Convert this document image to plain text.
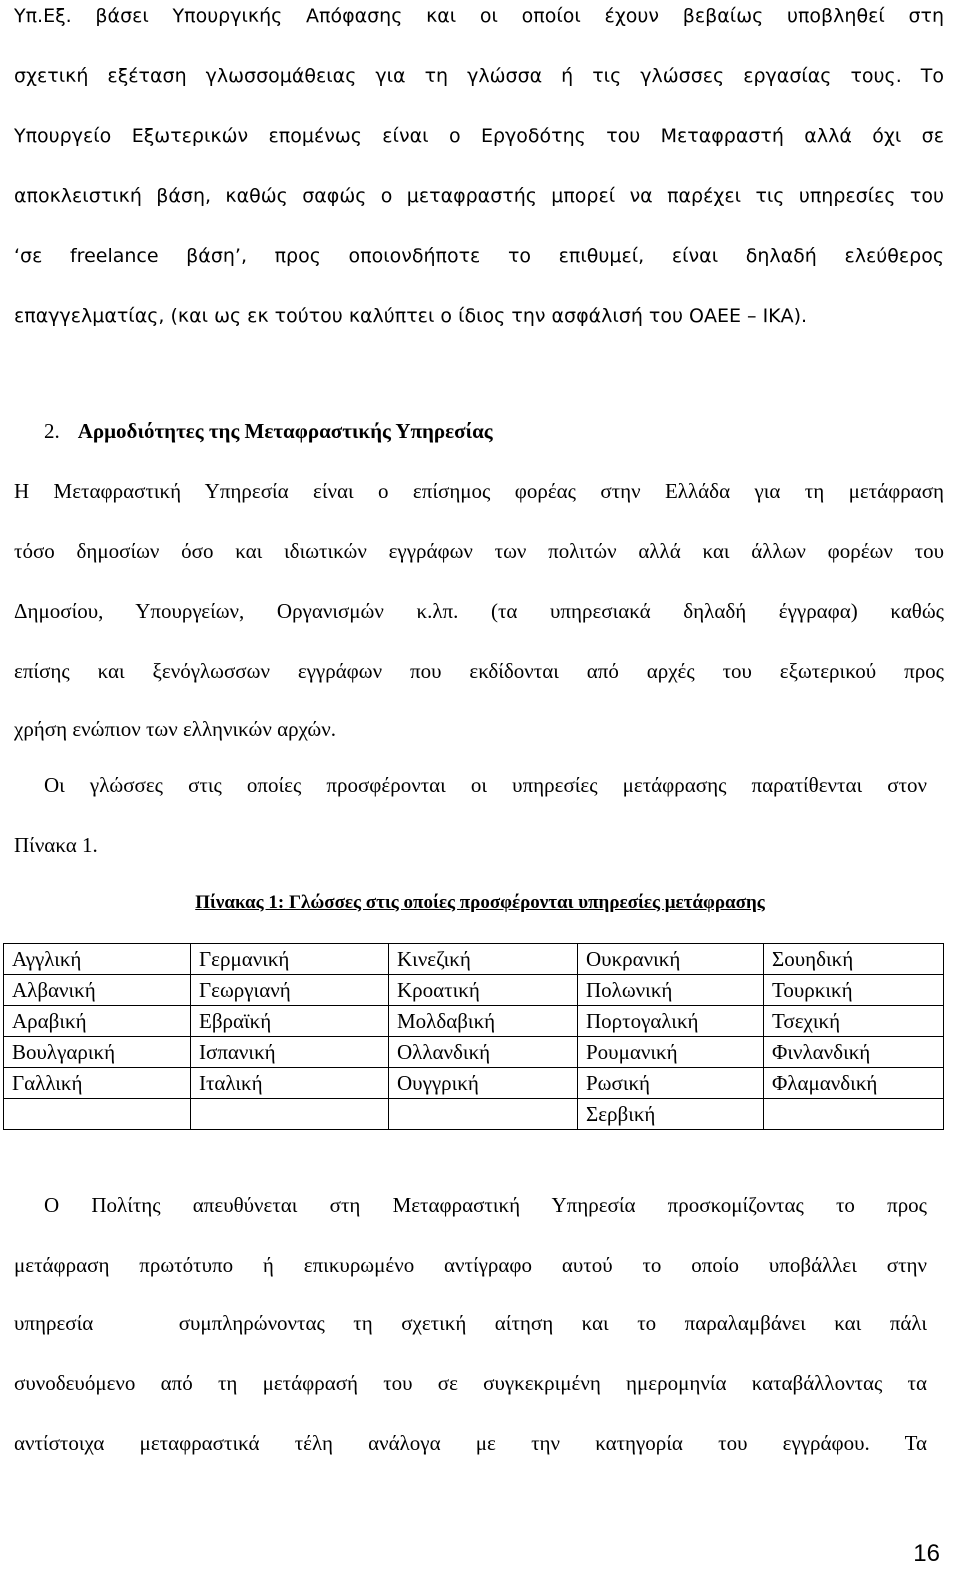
Υπ.Εξ. βάσει Υπουργικής Απόφασης και οι οποίοι έχουν βεβαίως υποβληθεί στη
σχετική εξέταση γλωσσομάθειας για τη γλώσσα ή τις γλώσσες εργασίας τους. Το
Υπουργείο Εξωτερικών επομένως είναι ο Εργοδότης του Μεταφραστή αλλά όχι σε
αποκλειστική βάση, καθώς σαφώς ο μεταφραστής μπορεί να παρέχει τις υπηρεσίες του
‘σε freelance βάση’, προς οποιονδήποτε το επιθυμεί, είναι δηλαδή ελεύθερος
επαγγελματίας, (και ως εκ τούτου καλύπτει ο ίδιος την ασφάλισή του ΟΑΕΕ – ΙΚΑ).
2. Αρμοδιότητες της Μεταφραστικής Υπηρεσίας
Η Μεταφραστική Υπηρεσία είναι ο επίσημος φορέας στην Ελλάδα για τη μετάφραση
τόσο δημοσίων όσο και ιδιωτικών εγγράφων των πολιτών αλλά και άλλων φορέων του
Δημοσίου, Υπουργείων, Οργανισμών κ.λπ. (τα υπηρεσιακά δηλαδή έγγραφα) καθώς
επίσης και ξενόγλωσσων εγγράφων που εκδίδονται από αρχές του εξωτερικού προς
χρήση ενώπιον των ελληνικών αρχών.
Οι γλώσσες στις οποίες προσφέρονται οι υπηρεσίες μετάφρασης παρατίθενται στον
Πίνακα 1.
Πίνακας 1: Γλώσσες στις οποίες προσφέρονται υπηρεσίες μετάφρασης
Αγγλική	Γερμανική	Κινεζική	Ουκρανική	Σουηδική
Αλβανική	Γεωργιανή	Κροατική	Πολωνική	Τουρκική
Αραβική	Εβραϊκή	Μολδαβική	Πορτογαλική	Τσεχική
Βουλγαρική	Ισπανική	Ολλανδική	Ρουμανική	Φινλανδική
Γαλλική	Ιταλική	Ουγγρική	Ρωσική	Φλαμανδική
			Σερβική	
Ο Πολίτης απευθύνεται στη Μεταφραστική Υπηρεσία προσκομίζοντας το προς
μετάφραση πρωτότυπο ή επικυρωμένο αντίγραφο αυτού το οποίο υποβάλλει στην
υπηρεσία   συμπληρώνοντας τη σχετική αίτηση και το παραλαμβάνει και πάλι
συνοδευόμενο από τη μετάφρασή του σε συγκεκριμένη ημερομηνία καταβάλλοντας τα
αντίστοιχα μεταφραστικά τέλη ανάλογα με την κατηγορία του εγγράφου. Τα
16
